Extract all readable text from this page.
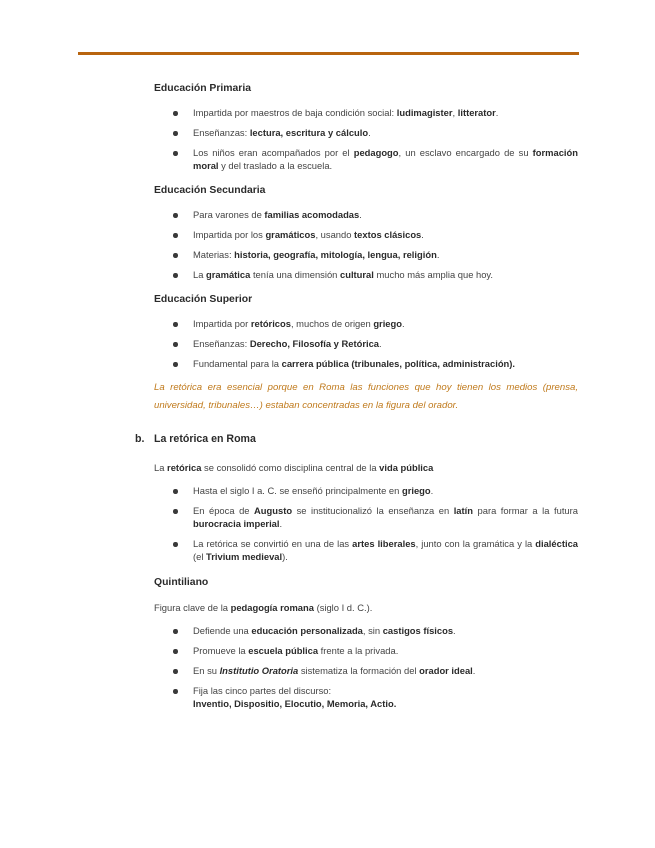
Educación Primaria
Impartida por maestros de baja condición social: ludimagister, litterator.
Enseñanzas: lectura, escritura y cálculo.
Los niños eran acompañados por el pedagogo, un esclavo encargado de su formación moral y del traslado a la escuela.
Educación Secundaria
Para varones de familias acomodadas.
Impartida por los gramáticos, usando textos clásicos.
Materias: historia, geografía, mitología, lengua, religión.
La gramática tenía una dimensión cultural mucho más amplia que hoy.
Educación Superior
Impartida por retóricos, muchos de origen griego.
Enseñanzas: Derecho, Filosofía y Retórica.
Fundamental para la carrera pública (tribunales, política, administración).

La retórica era esencial porque en Roma las funciones que hoy tienen los medios (prensa, universidad, tribunales…) estaban concentradas en la figura del orador.

b. La retórica en Roma

La retórica se consolidó como disciplina central de la vida pública

Hasta el siglo I a. C. se enseñó principalmente en griego.
En época de Augusto se institucionalizó la enseñanza en latín para formar a la futura burocracia imperial.
La retórica se convirtió en una de las artes liberales, junto con la gramática y la dialéctica (el Trivium medieval).
Quintiliano

Figura clave de la pedagogía romana (siglo I d. C.).

Defiende una educación personalizada, sin castigos físicos.
Promueve la escuela pública frente a la privada.
En su Institutio Oratoria sistematiza la formación del orador ideal.
Fija las cinco partes del discurso:
Inventio, Dispositio, Elocutio, Memoria, Actio.
